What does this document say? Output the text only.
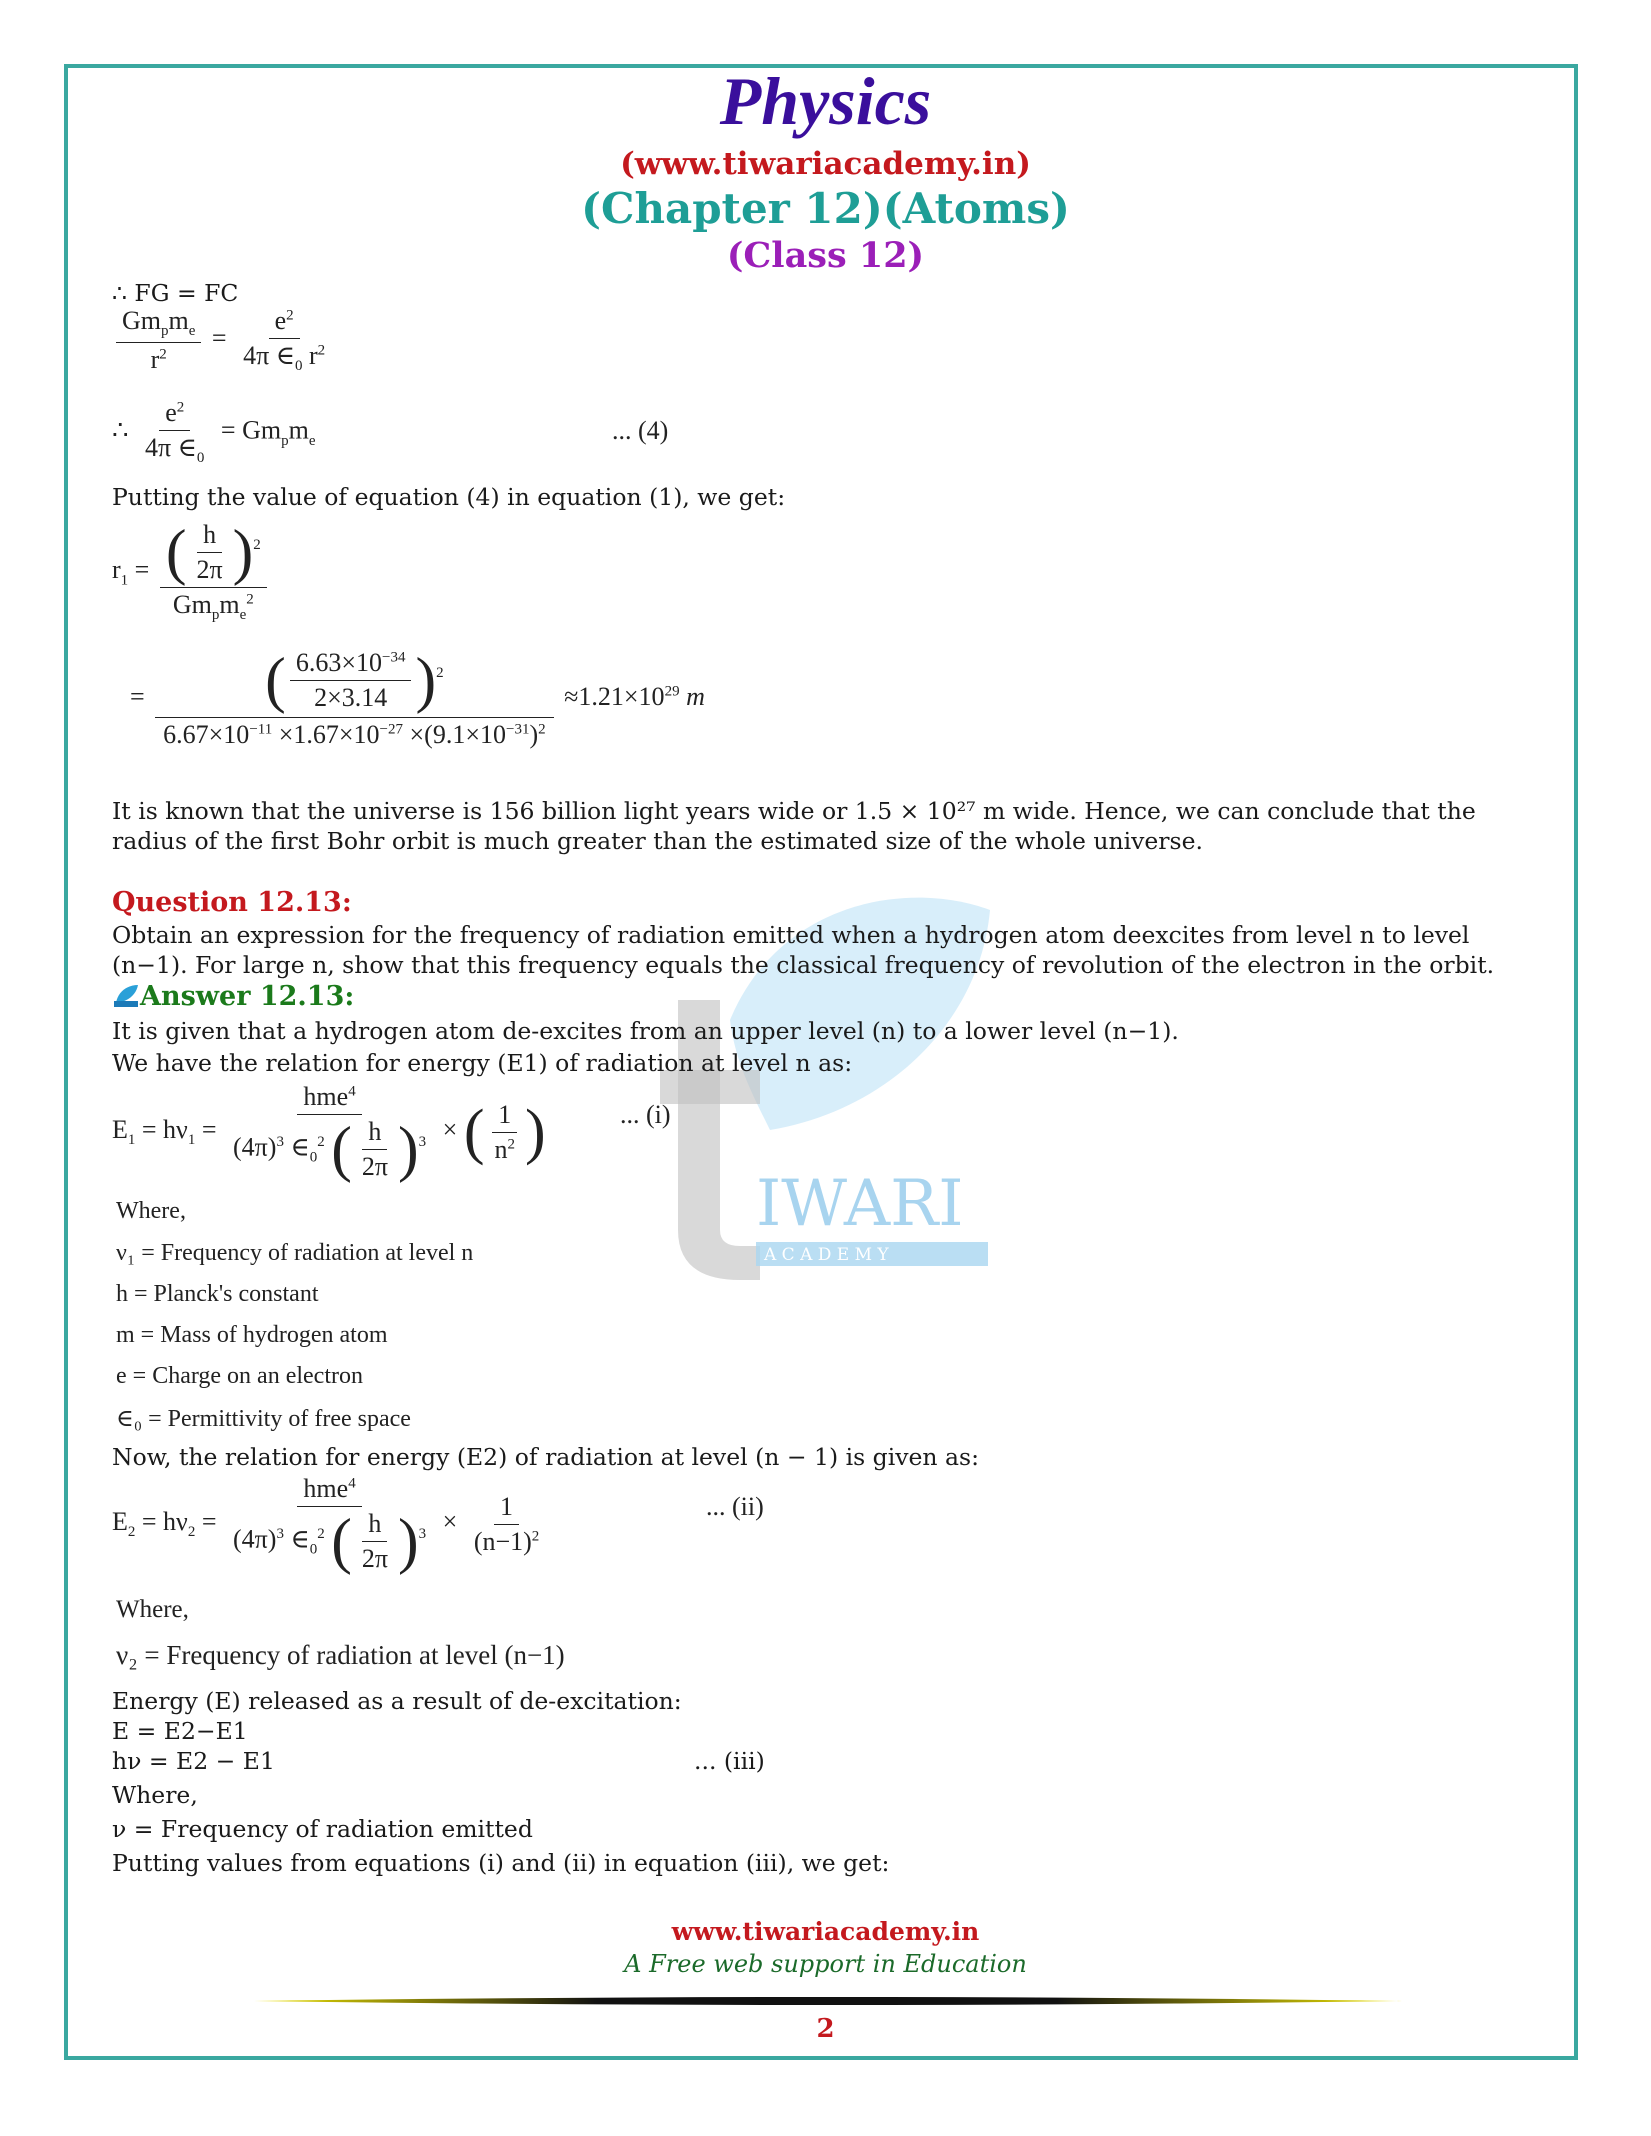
Physics
(www.tiwariacademy.in)
(Chapter 12)(Atoms)
(Class 12)
IWARI
A C A D E M Y
∴ FG = FC
$\frac{Gm_pm_e}{r^2} = \frac{e^2}{4\pi \in_0 r^2}$
∴ $\frac{e^2}{4\pi \in_0} = Gm_pm_e$	... (4)
Putting the value of equation (4) in equation (1), we get:
$r_1 = \frac{( \frac{h}{2\pi} )^2}{Gm_pm_e^2}$
= $\frac{( \frac{6.63\times 10^{-34}}{2\times 3.14} )^2}{6.67\times 10^{-11} \times 1.67\times 10^{-27} \times(9.1\times 10^{-31})^2} \approx 1.21\times 10^{29}$ m
It is known that the universe is 156 billion light years wide or 1.5 × 10²⁷ m wide. Hence, we can conclude that the radius of the first Bohr orbit is much greater than the estimated size of the whole universe.
Question 12.13:
Obtain an expression for the frequency of radiation emitted when a hydrogen atom deexcites from level n to level (n−1). For large n, show that this frequency equals the classical frequency of revolution of the electron in the orbit.
Answer 12.13:
It is given that a hydrogen atom de-excites from an upper level (n) to a lower level (n−1).
We have the relation for energy (E1) of radiation at level n as:
$E_1 = h\nu_1 = \frac{hme^4}{(4\pi)^3 \in_0^2 ( \frac{h}{2\pi} )^3}$ × ( $\frac{1}{n^2}$ )	... (i)
Where,
ν₁ = Frequency of radiation at level n
h = Planck's constant
m = Mass of hydrogen atom
e = Charge on an electron
∈₀ = Permittivity of free space
Now, the relation for energy (E2) of radiation at level (n − 1) is given as:
$E_2 = h\nu_2 = \frac{hme^4}{(4\pi)^3 \in_0^2 ( \frac{h}{2\pi} )^3} \times \frac{1}{(n-1)^2}$	... (ii)
Where,
ν₂ = Frequency of radiation at level (n−1)
Energy (E) released as a result of de-excitation:
E = E2−E1
hν = E2 − E1	... (iii)
Where,
ν = Frequency of radiation emitted
Putting values from equations (i) and (ii) in equation (iii), we get:
www.tiwariacademy.in
A Free web support in Education
2
